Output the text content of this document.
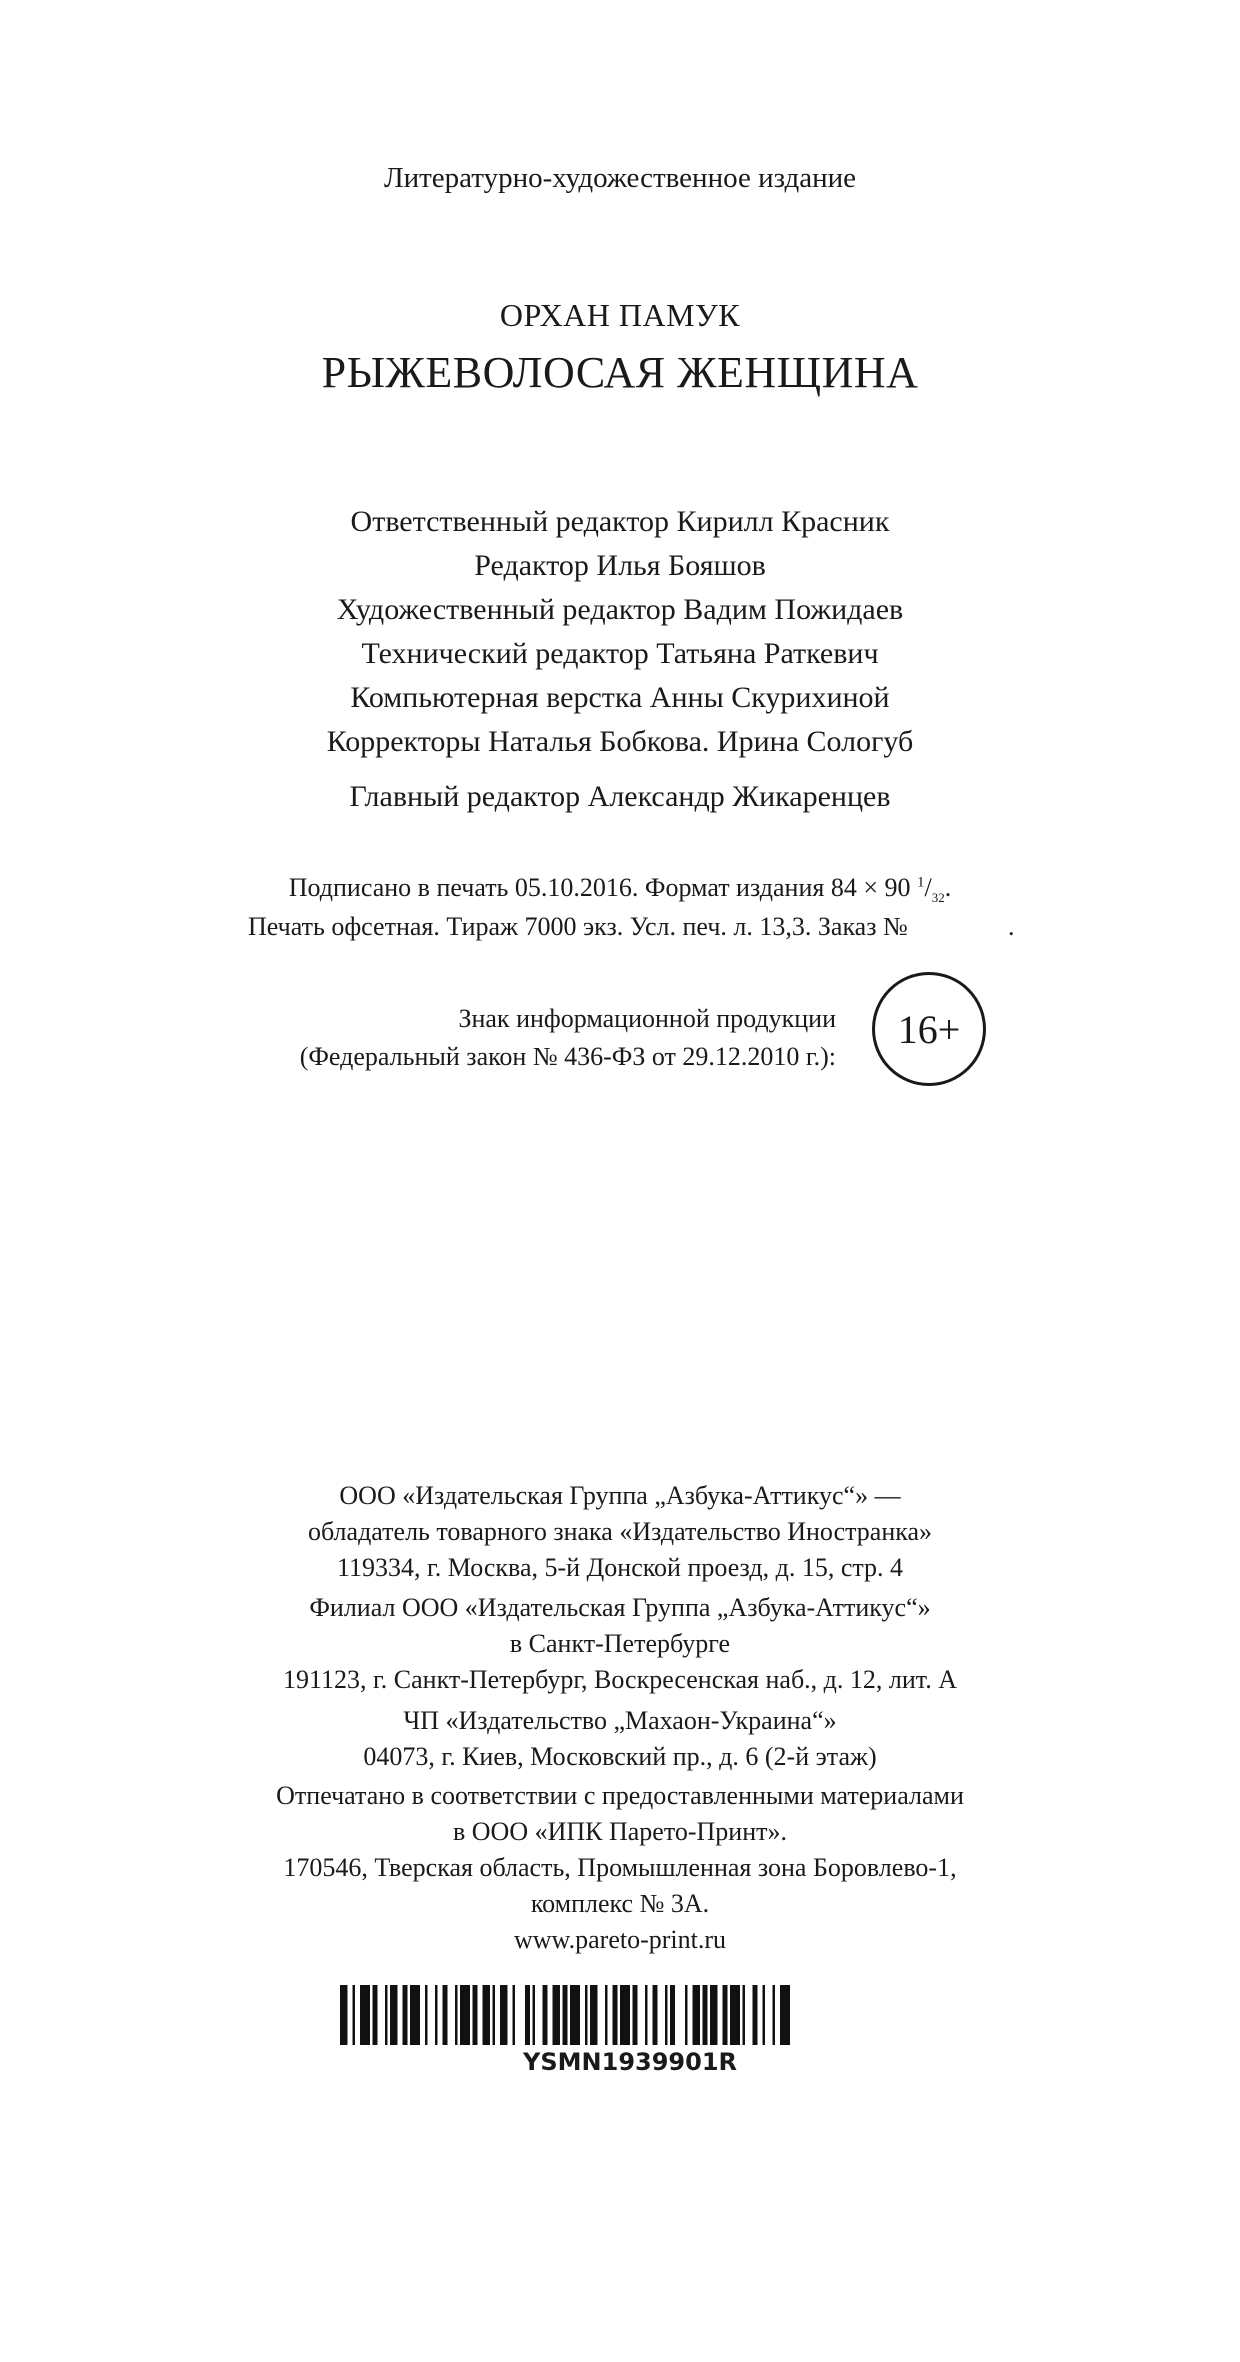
Литературно-художественное издание
ОРХАН ПАМУК
РЫЖЕВОЛОСАЯ ЖЕНЩИНА
Ответственный редактор Кирилл Красник
Редактор Илья Бояшов
Художественный редактор Вадим Пожидаев
Технический редактор Татьяна Раткевич
Компьютерная верстка Анны Скурихиной
Корректоры Наталья Бобкова. Ирина Сологуб
Главный редактор Александр Жикаренцев
Подписано в печать 05.10.2016. Формат издания 84 × 90 $^1/_{32}$.
Печать офсетная. Тираж 7000 экз. Усл. печ. л. 13,3. Заказ №	.
Знак информационной продукции
(Федеральный закон № 436-ФЗ от 29.12.2010 г.):
16+
ООО «Издательская Группа „Азбука-Аттикус“» —
обладатель товарного знака «Издательство Иностранка»
119334, г. Москва, 5-й Донской проезд, д. 15, стр. 4
Филиал ООО «Издательская Группа „Азбука-Аттикус“»
в Санкт-Петербурге
191123, г. Санкт-Петербург, Воскресенская наб., д. 12, лит. А
ЧП «Издательство „Махаон-Украина“»
04073, г. Киев, Московский пр., д. 6 (2-й этаж)
Отпечатано в соответствии с предоставленными материалами
в ООО «ИПК Парето-Принт».
170546, Тверская область, Промышленная зона Боровлево-1,
комплекс № 3А.
www.pareto-print.ru
YSMN1939901R
